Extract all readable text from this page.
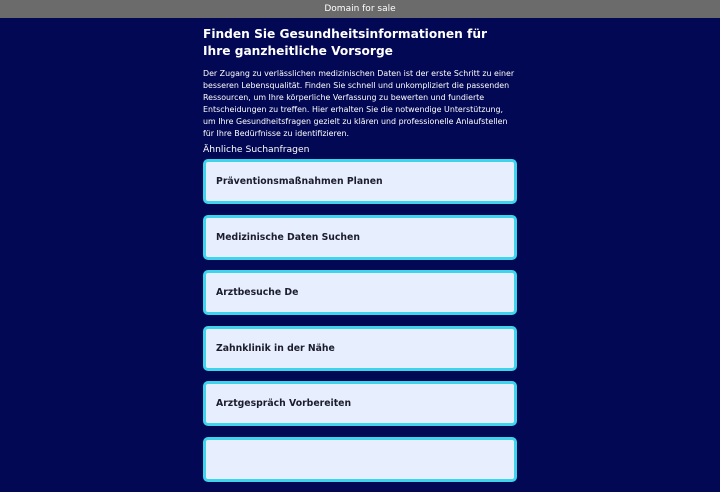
Domain for sale
Finden Sie Gesundheitsinformationen für Ihre ganzheitliche Vorsorge

Der Zugang zu verlässlichen medizinischen Daten ist der erste Schritt zu einer besseren Lebensqualität. Finden Sie schnell und unkompliziert die passenden Ressourcen, um Ihre körperliche Verfassung zu bewerten und fundierte Entscheidungen zu treffen. Hier erhalten Sie die notwendige Unterstützung, um Ihre Gesundheitsfragen gezielt zu klären und professionelle Anlaufstellen für Ihre Bedürfnisse zu identifizieren.

Ähnliche Suchanfragen
Präventionsmaßnahmen Planen
Medizinische Daten Suchen
Arztbesuche De
Zahnklinik in der Nähe
Arztgespräch Vorbereiten
